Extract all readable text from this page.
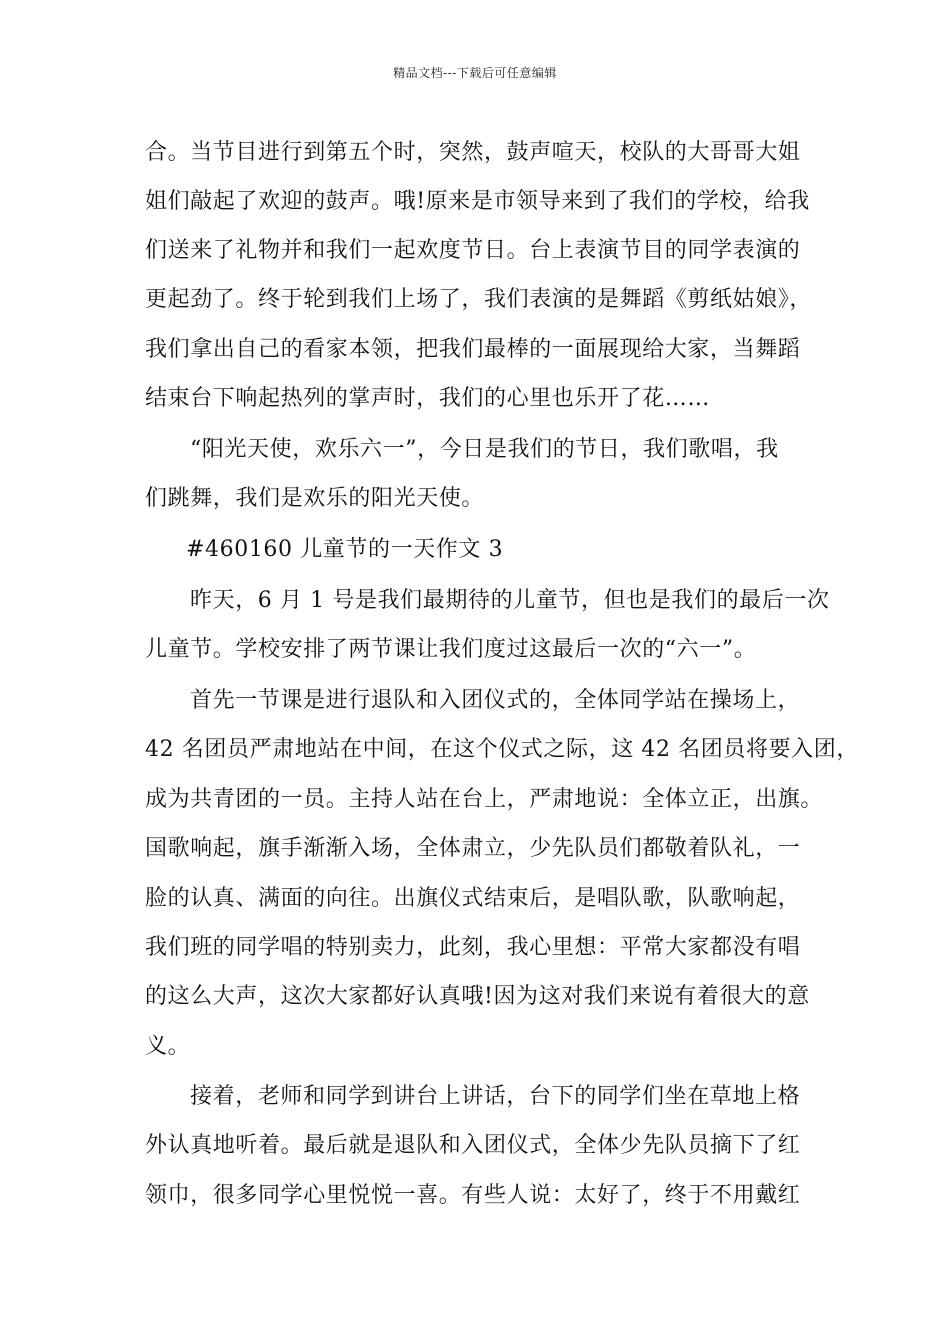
精品文档---下载后可任意编辑
合。当节目进行到第五个时，突然，鼓声喧天，校队的大哥哥大姐
姐们敲起了欢迎的鼓声。哦!原来是市领导来到了我们的学校，给我
们送来了礼物并和我们一起欢度节日。台上表演节目的同学表演的
更起劲了。终于轮到我们上场了，我们表演的是舞蹈《剪纸姑娘》，
我们拿出自己的看家本领，把我们最棒的一面展现给大家，当舞蹈
结束台下响起热列的掌声时，我们的心里也乐开了花……
“阳光天使，欢乐六一”，今日是我们的节日，我们歌唱，我
们跳舞，我们是欢乐的阳光天使。
#460160 儿童节的一天作文 3
昨天，6 月 1 号是我们最期待的儿童节，但也是我们的最后一次
儿童节。学校安排了两节课让我们度过这最后一次的“六一”。
首先一节课是进行退队和入团仪式的，全体同学站在操场上，
42 名团员严肃地站在中间，在这个仪式之际，这 42 名团员将要入团，
成为共青团的一员。主持人站在台上，严肃地说：全体立正，出旗。
国歌响起，旗手渐渐入场，全体肃立，少先队员们都敬着队礼，一
脸的认真、满面的向往。出旗仪式结束后，是唱队歌，队歌响起，
我们班的同学唱的特别卖力，此刻，我心里想：平常大家都没有唱
的这么大声，这次大家都好认真哦!因为这对我们来说有着很大的意
义。
接着，老师和同学到讲台上讲话，台下的同学们坐在草地上格
外认真地听着。最后就是退队和入团仪式，全体少先队员摘下了红
领巾，很多同学心里悦悦一喜。有些人说：太好了，终于不用戴红
